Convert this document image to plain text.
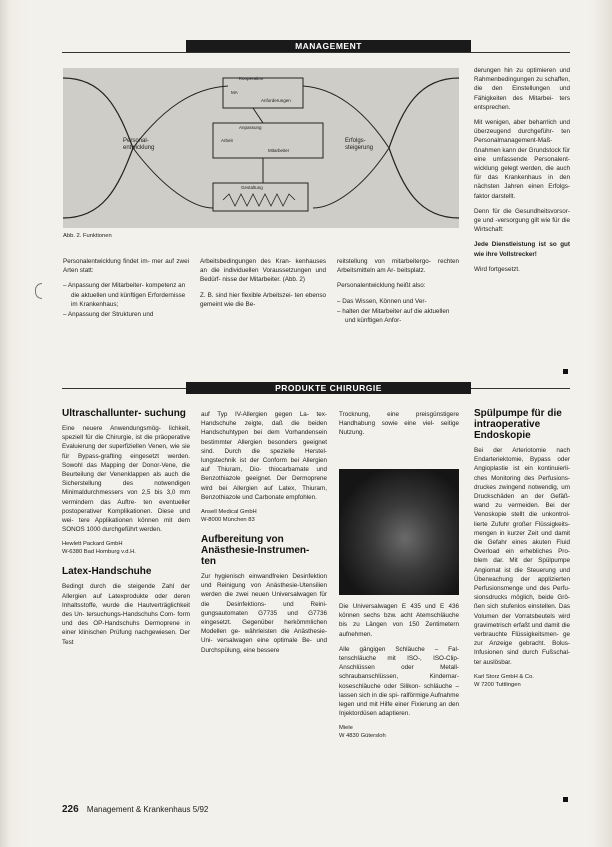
MANAGEMENT
Personal-
entwicklung
Erfolgs-
steigerung
Kooperation
MA
Anforderungen
Anpassung
Arbeit
Mitarbeiter
Gestaltung
Abb. 2. Funktionen

Personalentwicklung findet im- mer auf zwei Arten statt:

– Anpassung der Mitarbeiter- kompetenz an die aktuellen und künftigen Erfordernisse im Krankenhaus;
– Anpassung der Strukturen und

Arbeitsbedingungen des Kran- kenhauses an die individuellen Voraussetzungen und Bedürf- nisse der Mitarbeiter. (Abb. 2)

Z. B. sind hier flexible Arbeitszei- ten ebenso gemeint wie die Be-

reitstellung von mitarbeitergo- rechten Arbeitsmitteln am Ar- beitsplatz.

Personalentwicklung heißt also:

– Das Wissen, Können und Ver-
– halten der Mitarbeiter auf die aktuellen und künftigen Anfor-

derungen hin zu optimieren und Rahmenbedingungen zu schaffen, die den Einstellungen und Fähigkeiten des Mitarbei- ters entsprechen.

Mit wenigen, aber beharrlich und überzeugend durchgeführ- ten Personalmanagement-Maß- ßnahmen kann der Grundstock für eine umfassende Personalent- wicklung gelegt werden, die auch für das Krankenhaus in den nächsten Jahren einen Erfolgs- faktor darstellt.

Denn für die Gesundheitsvorsor- ge und -versorgung gilt wie für die Wirtschaft:

Jede Dienstleistung ist so gut wie ihre Vollstrecker!

Wird fortgesetzt.

PRODUKTE CHIRURGIE
Ultraschallunter- suchung

Eine neuere Anwendungsmög- lichkeit, speziell für die Chirurgie, ist die präoperative Evaluierung der superfiziellen Venen, wie sie für Bypass-grafting eingesetzt werden. Sowohl das Mapping der Donor-Vene, die Beurteilung der Venenklappen als auch die Sicherstellung des notwendigen Minimaldurchmessers von 2,5 bis 3,0 mm vermindern das Auftre- ten eventueller postoperativer Komplikationen. Diese und wei- tere Applikationen können mit dem SONOS 1000 durchgeführt werden.

Hewlett Packard GmbH
W-6380 Bad Homburg v.d.H.
Latex-Handschuhe

Bedingt durch die steigende Zahl der Allergien auf Latexprodukte oder deren Inhaltsstoffe, wurde die Hautverträglichkeit des Un- tersuchungs-Handschuhs Com- form und des OP-Handschuhs Dermoprene in einer klinischen Prüfung nachgewiesen. Der Test

auf Typ IV-Allergien gegen La- tex-Handschuhe zeigte, daß die beiden Handschuhtypen bei dem Vorhandensein bestimmter Allergien besonders geeignet sind. Durch die spezielle Herstel- lungstechnik ist der Conform bei Allergien auf Thiuram, Dio- thiocarbamate und Benzothiazole geeignet. Der Dermoprene wird bei Allergien auf Latex, Thiuram, Benzothiazole und Carbonate empfohlen.

Ansell Medical GmbH
W-8000 München 83
Aufbereitung von Anästhesie-Instrumen- ten

Zur hygienisch einwandfreien Desinfektion und Reinigung von Anästhesie-Utensilien werden die zwei neuen Universalwagen für die Desinfektions- und Reini- gungsautomaten G7735 und G7736 eingesetzt. Gegenüber herkömmlichen Modellen ge- währleisten die Anästhesie-Uni- versalwagen eine optimale Be- und Durchspülung, eine bessere

Trocknung, eine preisgünstigere Handhabung sowie eine viel- seitige Nutzung.

Die Universalwagen E 435 und E 436 können sechs bzw. acht Atemschläuche bis zu Längen von 150 Zentimetern aufnehmen.

Alle gängigen Schläuche – Fal- tenschläuche mit ISO-, ISO-Clip- Anschlüssen oder Metall- schraubanschlüssen, Kindernar- koseschläuche oder Silikon- schläuche – lassen sich in die spi- ralförmige Aufnahme legen und mit Hilfe einer Fixierung an den Injektordüsen adaptieren.

Miele
W 4830 Gütersloh
Spülpumpe für die intraoperative Endoskopie

Bei der Arteriotomie nach Endarteriektomie, Bypass oder Angioplastie ist ein kontinuierli- ches Monitoring des Perfusions- druckes zwingend notwendig, um Druckschäden an der Gefäß- wand zu vermeiden. Bei der Venoskopie stellt die unkontrol- lierte Zufuhr großer Flüssigkeits- mengen in kurzer Zeit und damit die Gefahr eines akuten Fluid Overload ein erhebliches Pro- blem dar. Mit der Spülpumpe Angiomat ist die Steuerung und Überwachung der applizierten Perfusionsmenge und des Perfu- sionsdrucks möglich, beide Grö- ßen sich stufenlos einstellen. Das Volumen der Vorratsbeutels wird gravimetrisch erfaßt und damit die verbrauchte Flüssigkeitsmen- ge zur Anzeige gebracht. Bolus- Infusionen sind durch Fußschal- ter auslösbar.

Karl Storz GmbH & Co.
W 7200 Tuttlingen
226 Management & Krankenhaus 5/92
